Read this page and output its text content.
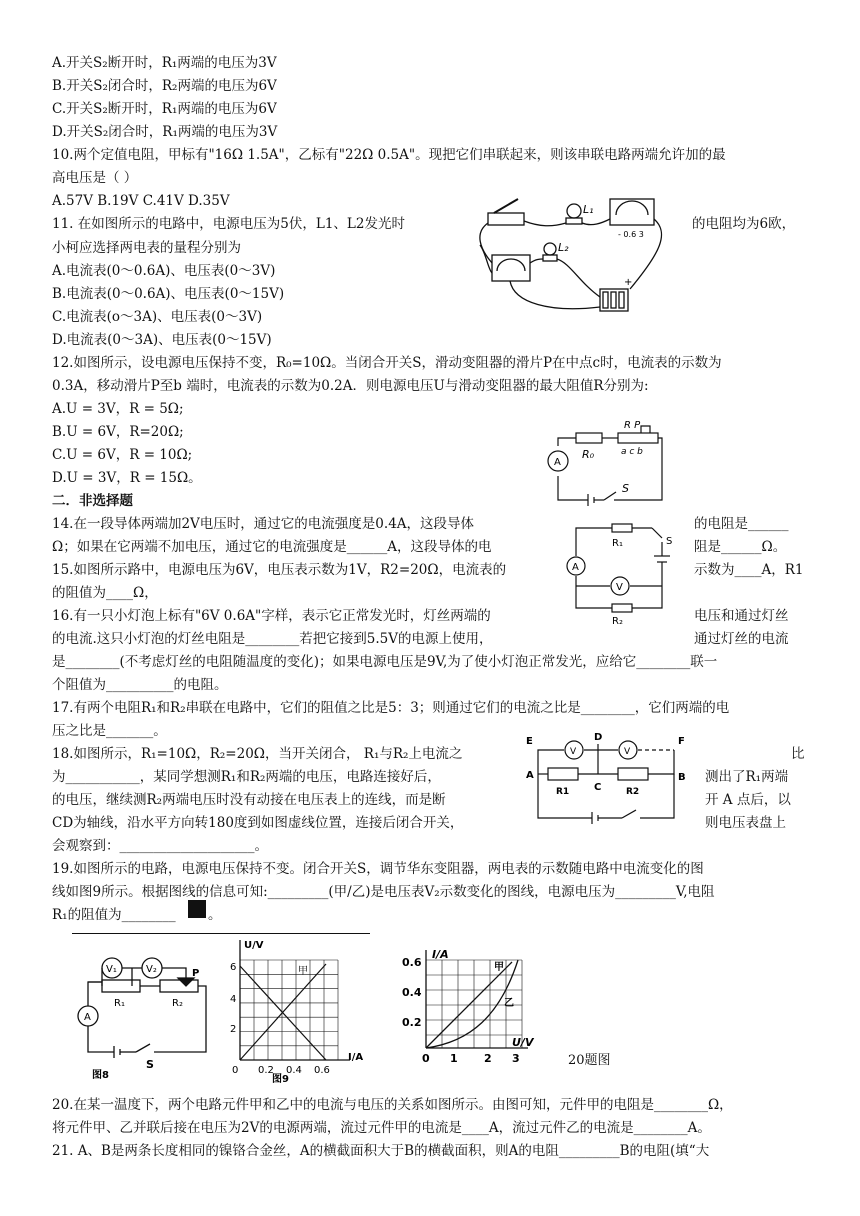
A.开关S₂断开时，R₁两端的电压为3V
B.开关S₂闭合时，R₂两端的电压为6V
C.开关S₂断开时，R₁两端的电压为6V
D.开关S₂闭合时，R₁两端的电压为3V
10.两个定值电阻，甲标有"16Ω 1.5A"，乙标有"22Ω 0.5A"。现把它们串联起来，则该串联电路两端允许加的最
高电压是（ ）
A.57V B.19V C.41V D.35V
11. 在如图所示的电路中，电源电压为5伏，L1、L2发光时	的电阻均为6欧，
小柯应选择两电表的量程分别为
A.电流表(0～0.6A)、电压表(0～3V)
B.电流表(0～0.6A)、电压表(0～15V)
C.电流表(o～3A)、电压表(0～3V)
D.电流表(0～3A)、电压表(0～15V)
L₁
L₂
- 0.6 3
+
12.如图所示，设电源电压保持不变，R₀=10Ω。当闭合开关S，滑动变阻器的滑片P在中点c时，电流表的示数为
0.3A，移动滑片P至b 端时，电流表的示数为0.2A．则电源电压U与滑动变阻器的最大阻值R分别为:
A.U = 3V，R = 5Ω;
B.U = 6V，R=20Ω;
C.U = 6V，R = 10Ω;
D.U = 3V，R = 15Ω。
A
R₀
R P
a c b
S
二．非选择题
14.在一段导体两端加2V电压时，通过它的电流强度是0.4A，这段导体	的电阻是______
Ω；如果在它两端不加电压，通过它的电流强度是______A，这段导体的电	阻是______Ω。
15.如图所示路中，电源电压为6V，电压表示数为1V，R2=20Ω，电流表的	示数为____A，R1
的阻值为____Ω，
R₁	S
A
V
R₂
16.有一只小灯泡上标有"6V 0.6A"字样，表示它正常发光时，灯丝两端的	电压和通过灯丝
的电流.这只小灯泡的灯丝电阻是________若把它接到5.5V的电源上使用，	通过灯丝的电流
是________(不考虑灯丝的电阻随温度的变化)；如果电源电压是9V,为了使小灯泡正常发光，应给它________联一
个阻值为__________的电阻。
17.有两个电阻R₁和R₂串联在电路中，它们的阻值之比是5：3；则通过它们的电流之比是________，它们两端的电
压之比是_______。
18.如图所示，R₁=10Ω，R₂=20Ω，当开关闭合， R₁与R₂上电流之	比
为___________，某同学想测R₁和R₂两端的电压，电路连接好后，	测出了R₁两端
的电压，继续测R₂两端电压时没有动接在电压表上的连线，而是断	开 A 点后，以
CD为轴线，沿水平方向转180度到如图虚线位置，连接后闭合开关，	则电压表盘上
会观察到：____________________。
E	D	F
A	B
C
R1	R2
V	V
19.如图所示的电路，电源电压保持不变。闭合开关S，调节华东变阻器，两电表的示数随电路中电流变化的图
线如图9所示。根据图线的信息可知:_________(甲/乙)是电压表V₂示数变化的图线，电源电压为_________V,电阻
R₁的阻值为________ 。
V₁	V₂	P
R₁	R₂
A
S
图8
U/V
I/A
6
4
2
0 0.2 0.4 0.6
甲
图9
I/A
U/V
0.6
0.4
0.2
0 1 2 3
甲
乙
20题图
20.在某一温度下，两个电路元件甲和乙中的电流与电压的关系如图所示。由图可知，元件甲的电阻是________Ω，
将元件甲、乙并联后接在电压为2V的电源两端，流过元件甲的电流是____A，流过元件乙的电流是________A。
21. A、B是两条长度相同的镍铬合金丝，A的横截面积大于B的横截面积，则A的电阻_________B的电阻(填“大
